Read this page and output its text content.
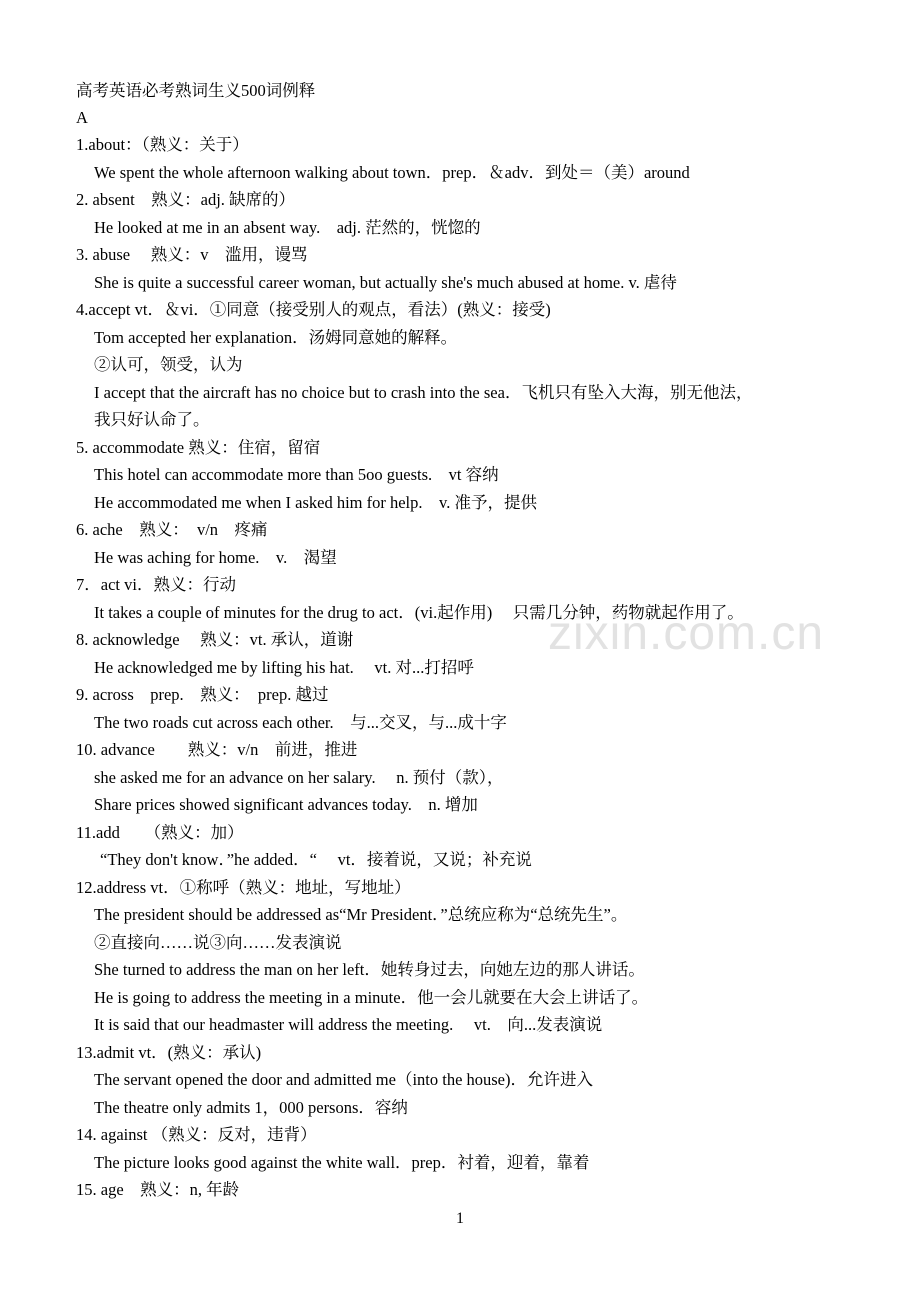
高考英语必考熟词生义500词例释
A
1.about：（熟义：关于）
We spent the whole afternoon walking about town．prep．＆adv．到处＝（美）around
2. absent　熟义：adj. 缺席的）
He looked at me in an absent way.　adj. 茫然的，恍惚的
3. abuse　 熟义：v　滥用，谩骂
She is quite a successful career woman, but actually she's much abused at home. v. 虐待
4.accept vt．＆vi．①同意（接受别人的观点，看法）(熟义：接受)
Tom accepted her explanation．汤姆同意她的解释。
②认可，领受，认为
I accept that the aircraft has no choice but to crash into the sea．飞机只有坠入大海，别无他法，
我只好认命了。
5. accommodate 熟义：住宿，留宿
This hotel can accommodate more than 5oo guests.　vt 容纳
He accommodated me when I asked him for help.　v. 准予，提供
6. ache　熟义：　v/n　疼痛
He was aching for home.　v.　渴望
7．act vi．熟义：行动
It takes a couple of minutes for the drug to act．(vi.起作用)　 只需几分钟，药物就起作用了。
8. acknowledge　 熟义：vt. 承认，道谢
He acknowledged me by lifting his hat.　 vt. 对...打招呼
9. across　prep.　熟义：　prep. 越过
The two roads cut across each other.　与...交叉，与...成十字
10. advance　　熟义：v/n　前进，推进
she asked me for an advance on her salary.　 n. 预付（款），
Share prices showed significant advances today.　n. 增加
11.add　　（熟义：加）
“They don't know．”he added．“　 vt．接着说，又说；补充说
12.address vt．①称呼（熟义：地址，写地址）
The president should be addressed as“Mr President．”总统应称为“总统先生”。
②直接向……说③向……发表演说
She turned to address the man on her left．她转身过去，向她左边的那人讲话。
He is going to address the meeting in a minute．他一会儿就要在大会上讲话了。
It is said that our headmaster will address the meeting.　 vt.　向...发表演说
13.admit vt．(熟义：承认)
The servant opened the door and admitted me（into the house)．允许进入
The theatre only admits 1，000 persons．容纳
14. against （熟义：反对，违背）
The picture looks good against the white wall．prep．衬着，迎着，靠着
15. age　熟义：n, 年龄
zixin.com.cn
1
